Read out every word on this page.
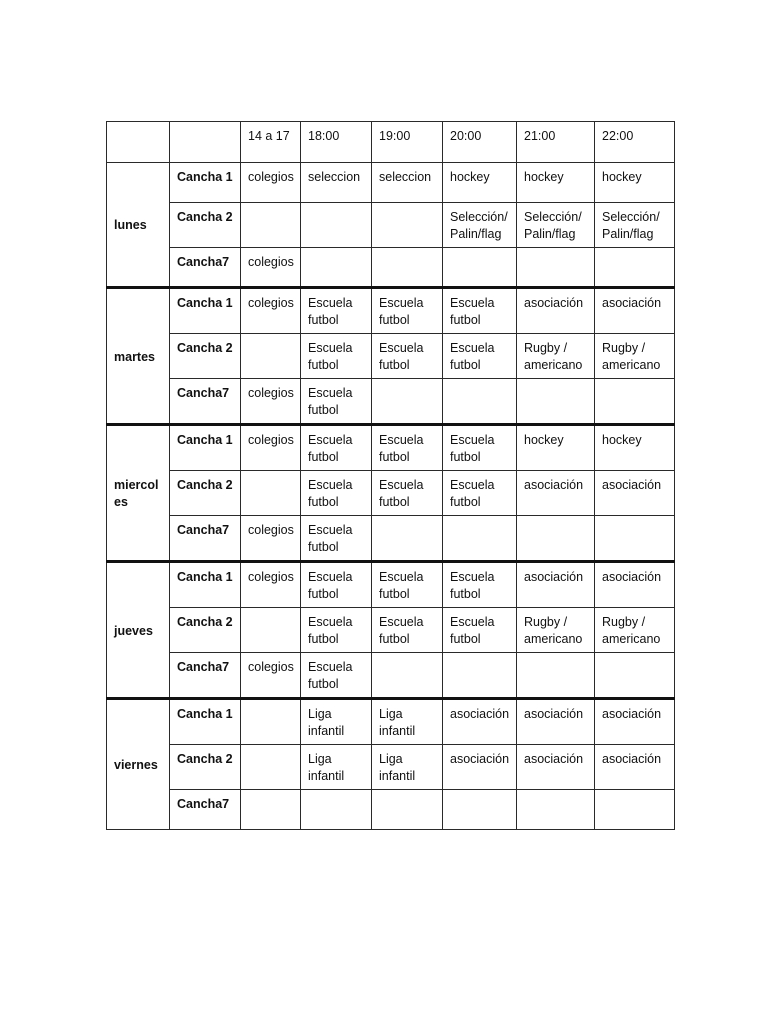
		14 a 17	18:00	19:00	20:00	21:00	22:00

lunes	Cancha 1	colegios	seleccion	seleccion	hockey	hockey	hockey

	Cancha 2				Selección/
Palin/flag	Selección/
Palin/flag	Selección/
Palin/flag

	Cancha7	colegios					

martes	Cancha 1	colegios	Escuela
futbol	Escuela
futbol	Escuela
futbol	asociación	asociación

	Cancha 2		Escuela
futbol	Escuela
futbol	Escuela
futbol	Rugby /
americano	Rugby /
americano

	Cancha7	colegios	Escuela
futbol				

miercol
es	Cancha 1	colegios	Escuela
futbol	Escuela
futbol	Escuela
futbol	hockey	hockey

	Cancha 2		Escuela
futbol	Escuela
futbol	Escuela
futbol	asociación	asociación

	Cancha7	colegios	Escuela
futbol				

jueves	Cancha 1	colegios	Escuela
futbol	Escuela
futbol	Escuela
futbol	asociación	asociación

	Cancha 2		Escuela
futbol	Escuela
futbol	Escuela
futbol	Rugby /
americano	Rugby /
americano

	Cancha7	colegios	Escuela
futbol				

viernes	Cancha 1		Liga
infantil	Liga
infantil	asociación	asociación	asociación

	Cancha 2		Liga
infantil	Liga
infantil	asociación	asociación	asociación

	Cancha7						
